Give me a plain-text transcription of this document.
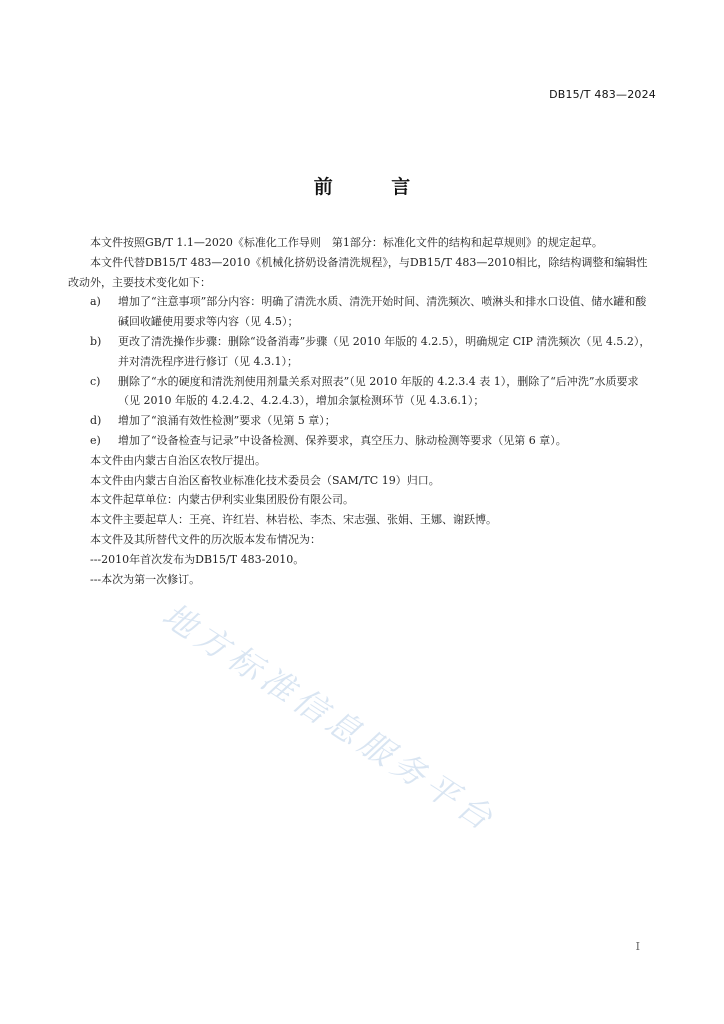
DB15/T 483—2024
前 言

本文件按照GB/T 1.1—2020《标准化工作导则　第1部分：标准化文件的结构和起草规则》的规定起草。

本文件代替DB15/T 483—2010《机械化挤奶设备清洗规程》，与DB15/T 483—2010相比，除结构调整和编辑性改动外，主要技术变化如下：

a)	增加了“注意事项”部分内容：明确了清洗水质、清洗开始时间、清洗频次、喷淋头和排水口设值、储水罐和酸碱回收罐使用要求等内容（见 4.5）；
b)	更改了清洗操作步骤：删除“设备消毒”步骤（见 2010 年版的 4.2.5），明确规定 CIP 清洗频次（见 4.5.2），并对清洗程序进行修订（见 4.3.1）；
c)	删除了“水的硬度和清洗剂使用剂量关系对照表”（见 2010 年版的 4.2.3.4 表 1），删除了“后冲洗”水质要求（见 2010 年版的 4.2.4.2、4.2.4.3），增加余氯检测环节（见 4.3.6.1）；
d)	增加了“浪涌有效性检测”要求（见第 5 章）；
e)	增加了“设备检查与记录”中设备检测、保养要求，真空压力、脉动检测等要求（见第 6 章）。

本文件由内蒙古自治区农牧厅提出。

本文件由内蒙古自治区畜牧业标准化技术委员会（SAM/TC 19）归口。

本文件起草单位：内蒙古伊利实业集团股份有限公司。

本文件主要起草人：王亮、许红岩、林岩松、李杰、宋志强、张娟、王娜、谢跃博。

本文件及其所替代文件的历次版本发布情况为：

---2010年首次发布为DB15/T 483-2010。

---本次为第一次修订。

地方标准信息服务平台
I
